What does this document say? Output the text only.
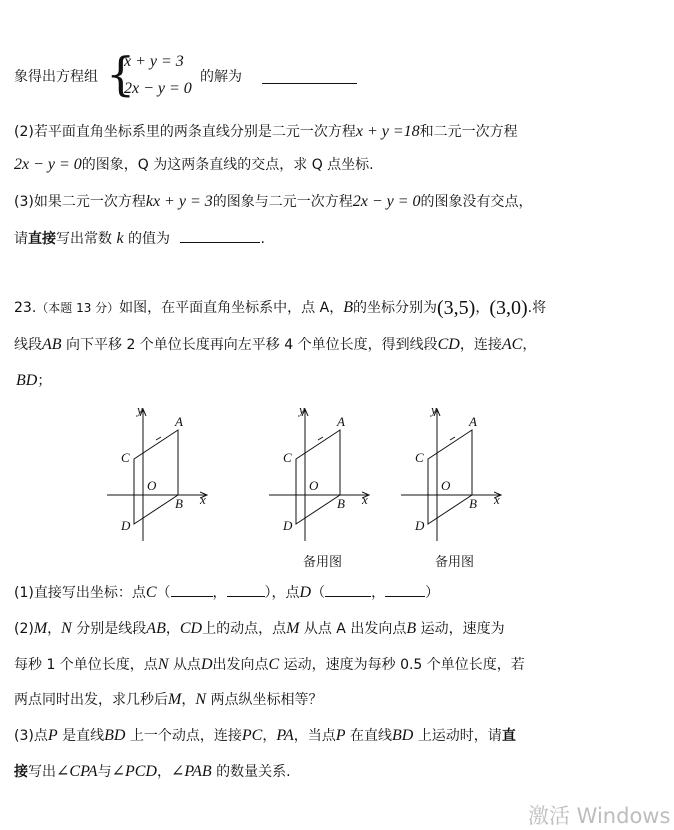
象得出方程组 {
x + y = 3
2x − y = 0
的解为
(2)若平面直角坐标系里的两条直线分别是二元一次方程x + y =18和二元一次方程
2x − y = 0的图象，Q 为这两条直线的交点，求 Q 点坐标.
(3)如果二元一次方程kx + y = 3的图象与二元一次方程2x − y = 0的图象没有交点，
请直接写出常数 k 的值为	.
23.（本题 13 分）如图，在平面直角坐标系中，点 A，B的坐标分别为(3,5)，(3,0).将
线段AB 向下平移 2 个单位长度再向左平移 4 个单位长度，得到线段CD，连接AC，
BD；
y
x
A
B
C
D
O
y
x
A
B
C
D
O
y
x
A
B
C
D
O
备用图	备用图
(1)直接写出坐标：点C（	，	），点D（	，	）
(2)M，N 分别是线段AB，CD上的动点，点M 从点 A 出发向点B 运动，速度为
每秒 1 个单位长度，点N 从点D出发向点C 运动，速度为每秒 0.5 个单位长度，若
两点同时出发，求几秒后M，N 两点纵坐标相等？
(3)点P 是直线BD 上一个动点，连接PC，PA，当点P 在直线BD 上运动时，请直
接写出∠CPA与∠PCD，∠PAB 的数量关系.
激活 Windows
